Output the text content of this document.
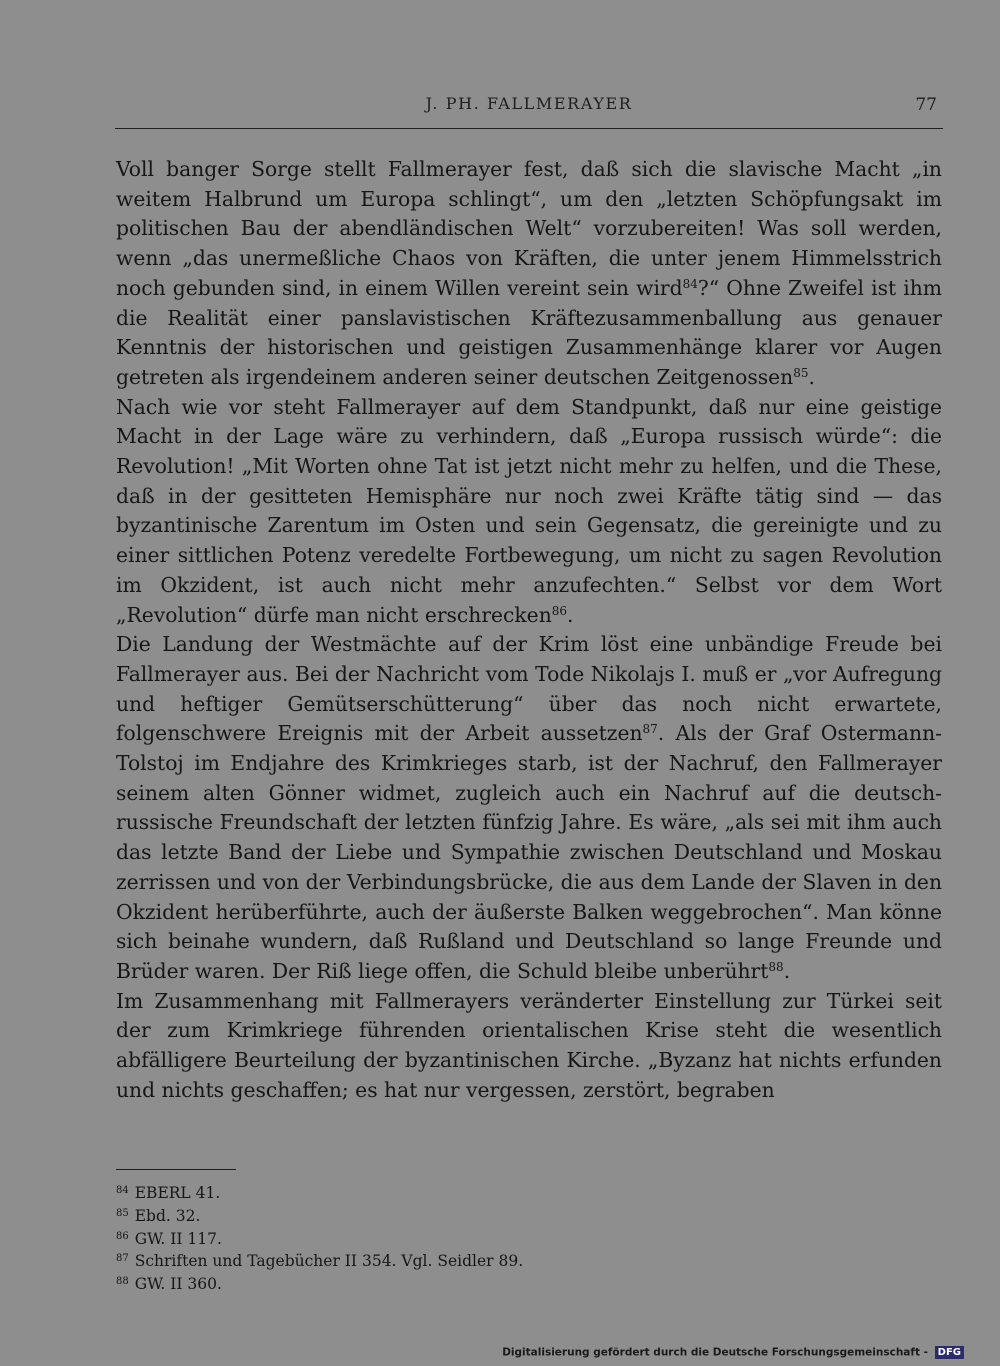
J. PH. FALLMERAYER	77

Voll banger Sorge stellt Fallmerayer fest, daß sich die slavische Macht „in weitem Halbrund um Europa schlingt“, um den „letzten Schöpfungsakt im politischen Bau der abendländischen Welt“ vorzubereiten! Was soll werden, wenn „das unermeßliche Chaos von Kräften, die unter jenem Himmelsstrich noch gebunden sind, in einem Willen vereint sein wird$^{84}$?“ Ohne Zweifel ist ihm die Realität einer panslavistischen Kräftezusammenballung aus genauer Kenntnis der historischen und geistigen Zusammenhänge klarer vor Augen getreten als irgendeinem anderen seiner deutschen Zeitgenossen$^{85}$.

Nach wie vor steht Fallmerayer auf dem Standpunkt, daß nur eine geistige Macht in der Lage wäre zu verhindern, daß „Europa russisch würde“: die Revolution! „Mit Worten ohne Tat ist jetzt nicht mehr zu helfen, und die These, daß in der gesitteten Hemisphäre nur noch zwei Kräfte tätig sind — das byzantinische Zarentum im Osten und sein Gegensatz, die gereinigte und zu einer sittlichen Potenz veredelte Fortbewegung, um nicht zu sagen Revolution im Okzident, ist auch nicht mehr anzufechten.“ Selbst vor dem Wort „Revolution“ dürfe man nicht erschrecken$^{86}$.

Die Landung der Westmächte auf der Krim löst eine unbändige Freude bei Fallmerayer aus. Bei der Nachricht vom Tode Nikolajs I. muß er „vor Aufregung und heftiger Gemütserschütterung“ über das noch nicht erwartete, folgenschwere Ereignis mit der Arbeit aussetzen$^{87}$. Als der Graf Ostermann-Tolstoj im Endjahre des Krimkrieges starb, ist der Nachruf, den Fallmerayer seinem alten Gönner widmet, zugleich auch ein Nachruf auf die deutsch-russische Freundschaft der letzten fünfzig Jahre. Es wäre, „als sei mit ihm auch das letzte Band der Liebe und Sympathie zwischen Deutschland und Moskau zerrissen und von der Verbindungsbrücke, die aus dem Lande der Slaven in den Okzident herüberführte, auch der äußerste Balken weggebrochen“. Man könne sich beinahe wundern, daß Rußland und Deutschland so lange Freunde und Brüder waren. Der Riß liege offen, die Schuld bleibe unberührt$^{88}$.

Im Zusammenhang mit Fallmerayers veränderter Einstellung zur Türkei seit der zum Krimkriege führenden orientalischen Krise steht die wesentlich abfälligere Beurteilung der byzantinischen Kirche. „Byzanz hat nichts erfunden und nichts geschaffen; es hat nur vergessen, zerstört, begraben

$^{84}$ EBERL 41.
$^{85}$ Ebd. 32.
$^{86}$ GW. II 117.
$^{87}$ Schriften und Tagebücher II 354. Vgl. Seidler 89.
$^{88}$ GW. II 360.
Digitalisierung gefördert durch die Deutsche Forschungsgemeinschaft - DFG
